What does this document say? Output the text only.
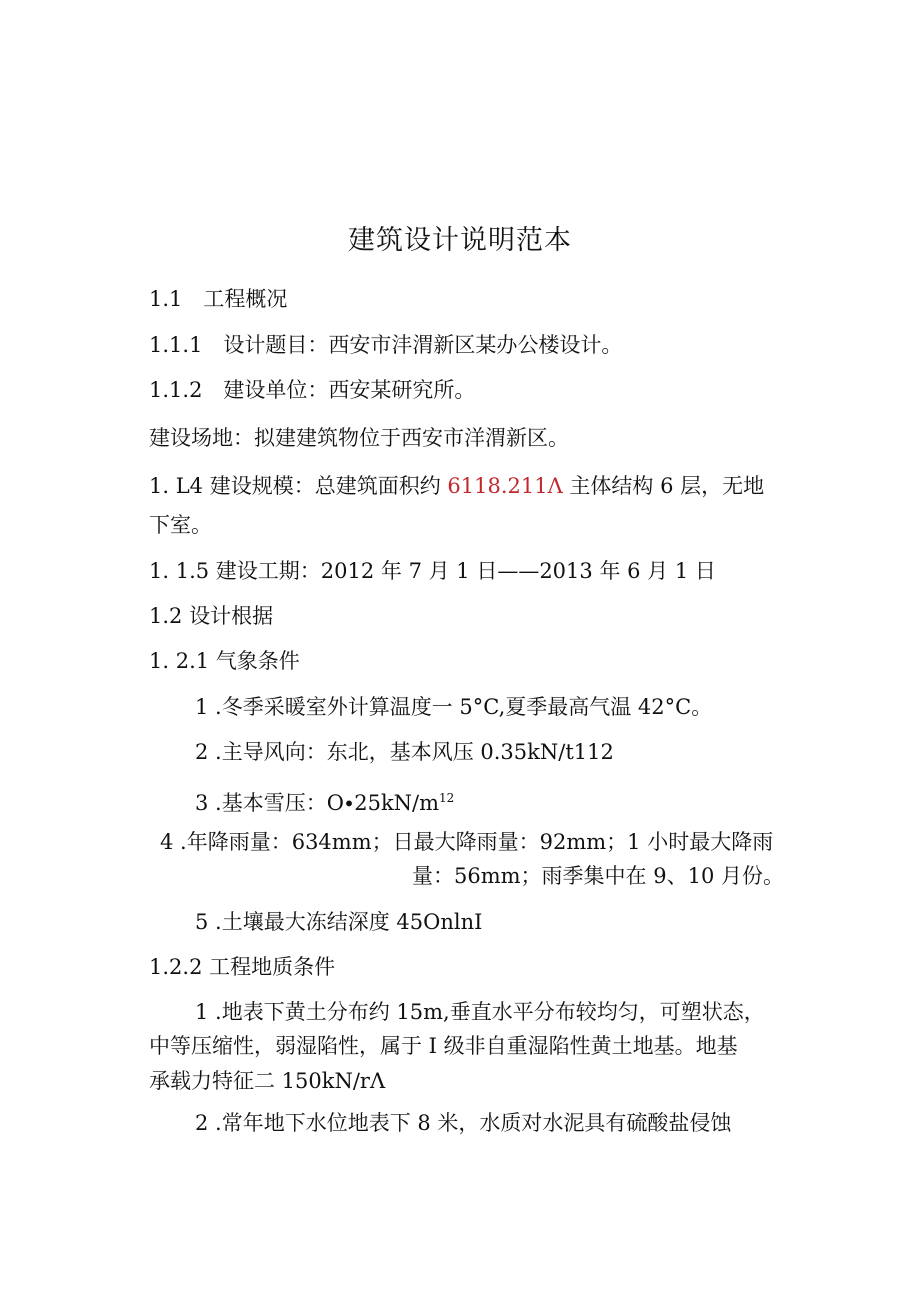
建筑设计说明范本
1.1　工程概况
1.1.1　设计题目：西安市沣渭新区某办公楼设计。
1.1.2　建设单位：西安某研究所。
建设场地：拟建建筑物位于西安市洋渭新区。
1. L4 建设规模：总建筑面积约 6118.211Λ 主体结构 6 层，无地
下室。
1. 1.5 建设工期：2012 年 7 月 1 日——2013 年 6 月 1 日
1.2 设计根据
1. 2.1 气象条件
1 .冬季采暖室外计算温度一 5°C,夏季最高气温 42°C。
2 .主导风向：东北，基本风压 0.35kN∕t112
3 .基本雪压：$O\cdot 25kN∕m^{12}$
4 .年降雨量：634mm；日最大降雨量：92mm；1 小时最大降雨
量：56mm；雨季集中在 9、10 月份。
5 .土壤最大冻结深度 45OnlnI
1.2.2 工程地质条件
1 .地表下黄土分布约 15m,垂直水平分布较均匀，可塑状态，
中等压缩性，弱湿陷性，属于 I 级非自重湿陷性黄土地基。地基
承载力特征二 150kN∕rΛ
2 .常年地下水位地表下 8 米，水质对水泥具有硫酸盐侵蚀
